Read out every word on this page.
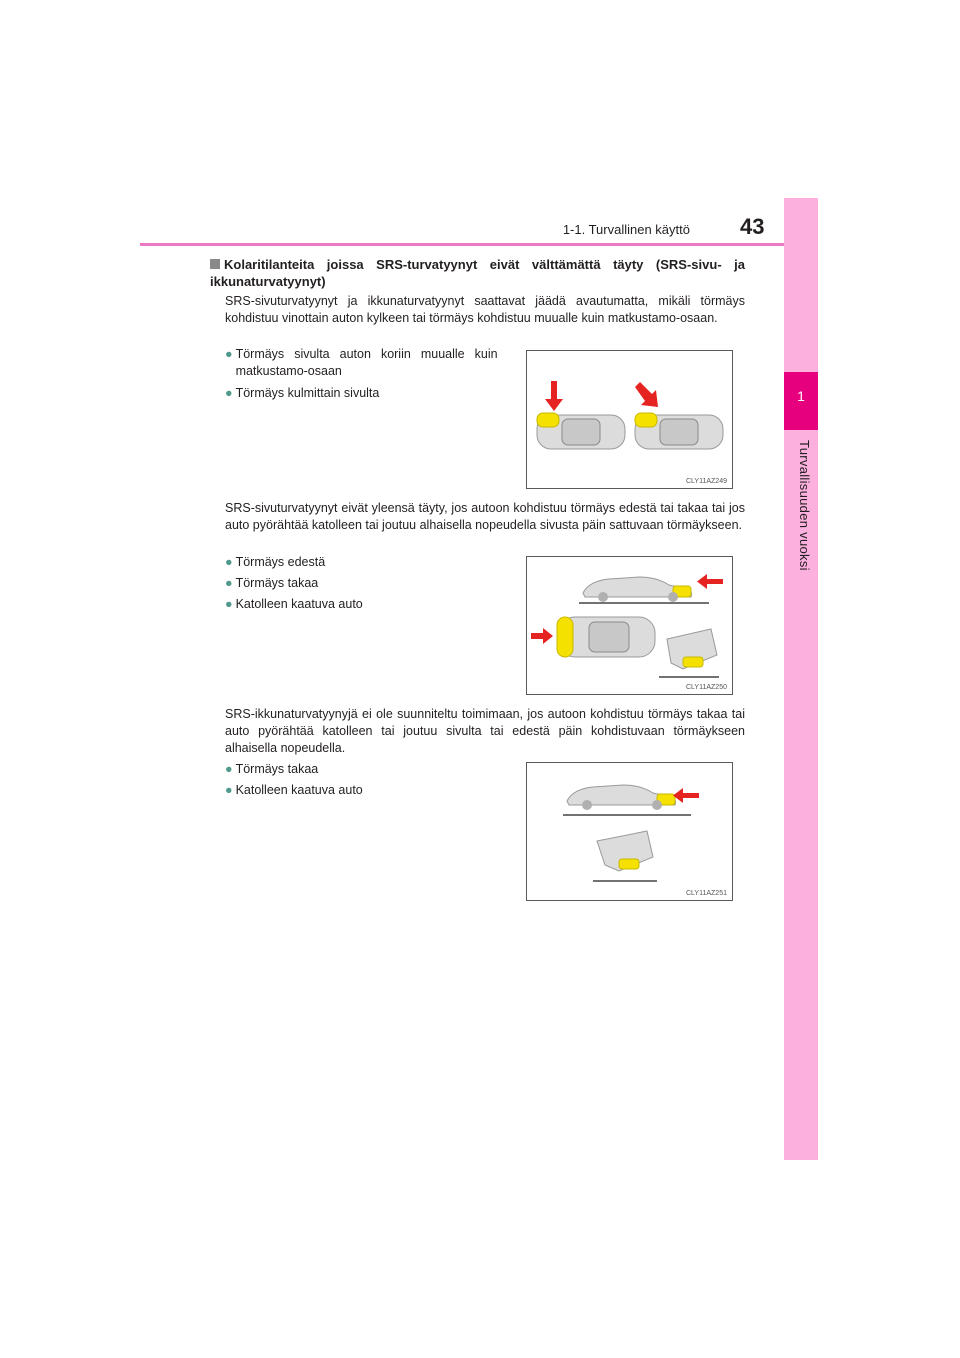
1-1. Turvallinen käyttö 43
1
Turvallisuuden vuoksi
Kolaritilanteita joissa SRS-turvatyynyt eivät välttämättä täyty (SRS-sivu- ja ikkunaturvatyynyt)
SRS-sivuturvatyynyt ja ikkunaturvatyynyt saattavat jäädä avautumatta, mikäli törmäys kohdistuu vinottain auton kylkeen tai törmäys kohdistuu muualle kuin matkustamo-osaan.
● Törmäys sivulta auton koriin muualle kuin matkustamo-osaan
● Törmäys kulmittain sivulta
CLY11AZ249
SRS-sivuturvatyynyt eivät yleensä täyty, jos autoon kohdistuu törmäys edestä tai takaa tai jos auto pyörähtää katolleen tai joutuu alhaisella nopeudella sivusta päin sattuvaan törmäykseen.
● Törmäys edestä
● Törmäys takaa
● Katolleen kaatuva auto
CLY11AZ250
SRS-ikkunaturvatyynyjä ei ole suunniteltu toimimaan, jos autoon kohdistuu törmäys takaa tai auto pyörähtää katolleen tai joutuu sivulta tai edestä päin kohdistuvaan törmäykseen alhaisella nopeudella.
● Törmäys takaa
● Katolleen kaatuva auto
CLY11AZ251
